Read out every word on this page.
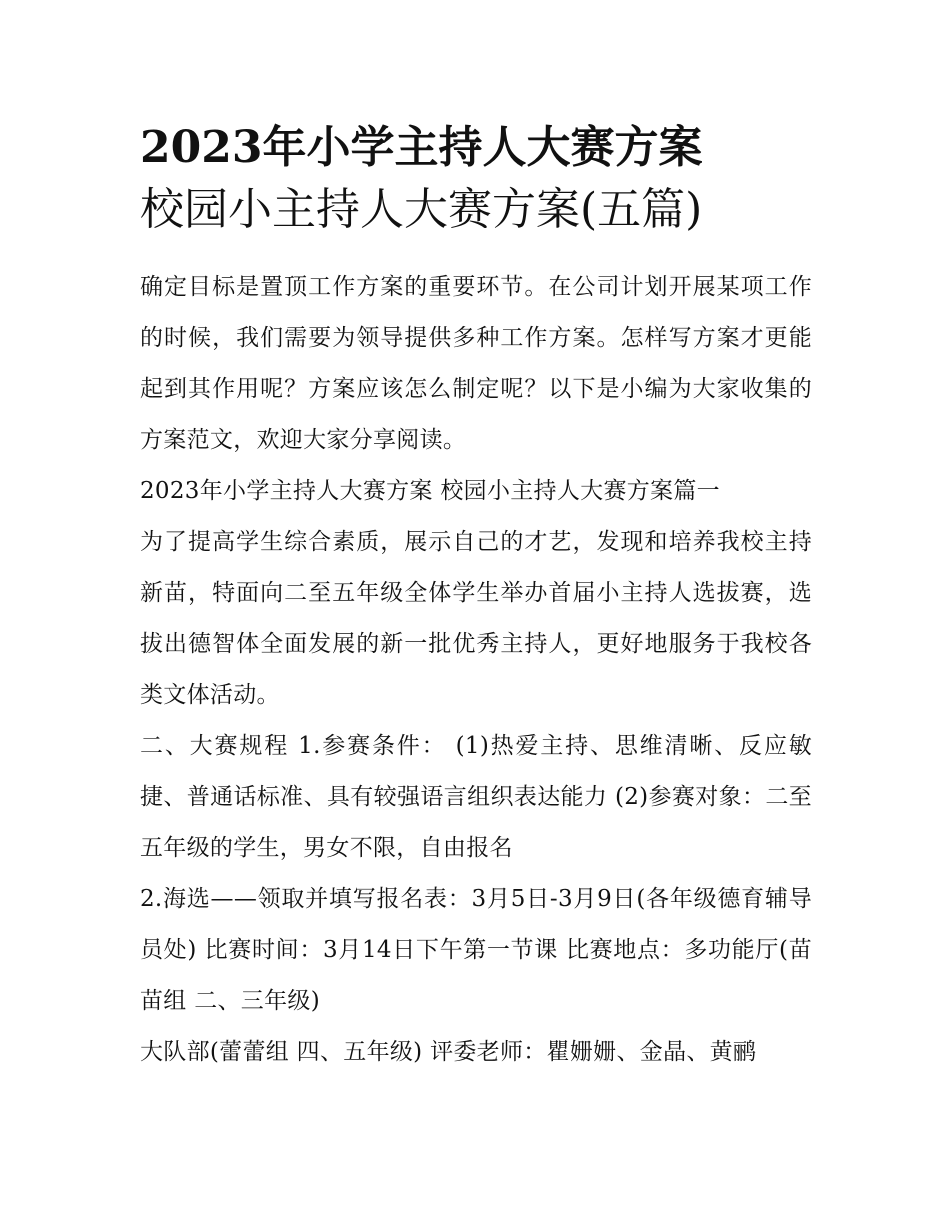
2023年小学主持人大赛方案
校园小主持人大赛方案(五篇)

确定目标是置顶工作方案的重要环节。在公司计划开展某项工作的时候，我们需要为领导提供多种工作方案。怎样写方案才更能起到其作用呢？方案应该怎么制定呢？以下是小编为大家收集的方案范文，欢迎大家分享阅读。

2023年小学主持人大赛方案 校园小主持人大赛方案篇一

为了提高学生综合素质，展示自己的才艺，发现和培养我校主持新苗，特面向二至五年级全体学生举办首届小主持人选拔赛，选拔出德智体全面发展的新一批优秀主持人，更好地服务于我校各类文体活动。

二、大赛规程 1.参赛条件： (1)热爱主持、思维清晰、反应敏捷、普通话标准、具有较强语言组织表达能力 (2)参赛对象：二至五年级的学生，男女不限，自由报名

2.海选——领取并填写报名表：3月5日-3月9日(各年级德育辅导员处) 比赛时间：3月14日下午第一节课 比赛地点：多功能厅(苗苗组 二、三年级)

大队部(蕾蕾组 四、五年级) 评委老师：瞿姗姗、金晶、黄鹂
